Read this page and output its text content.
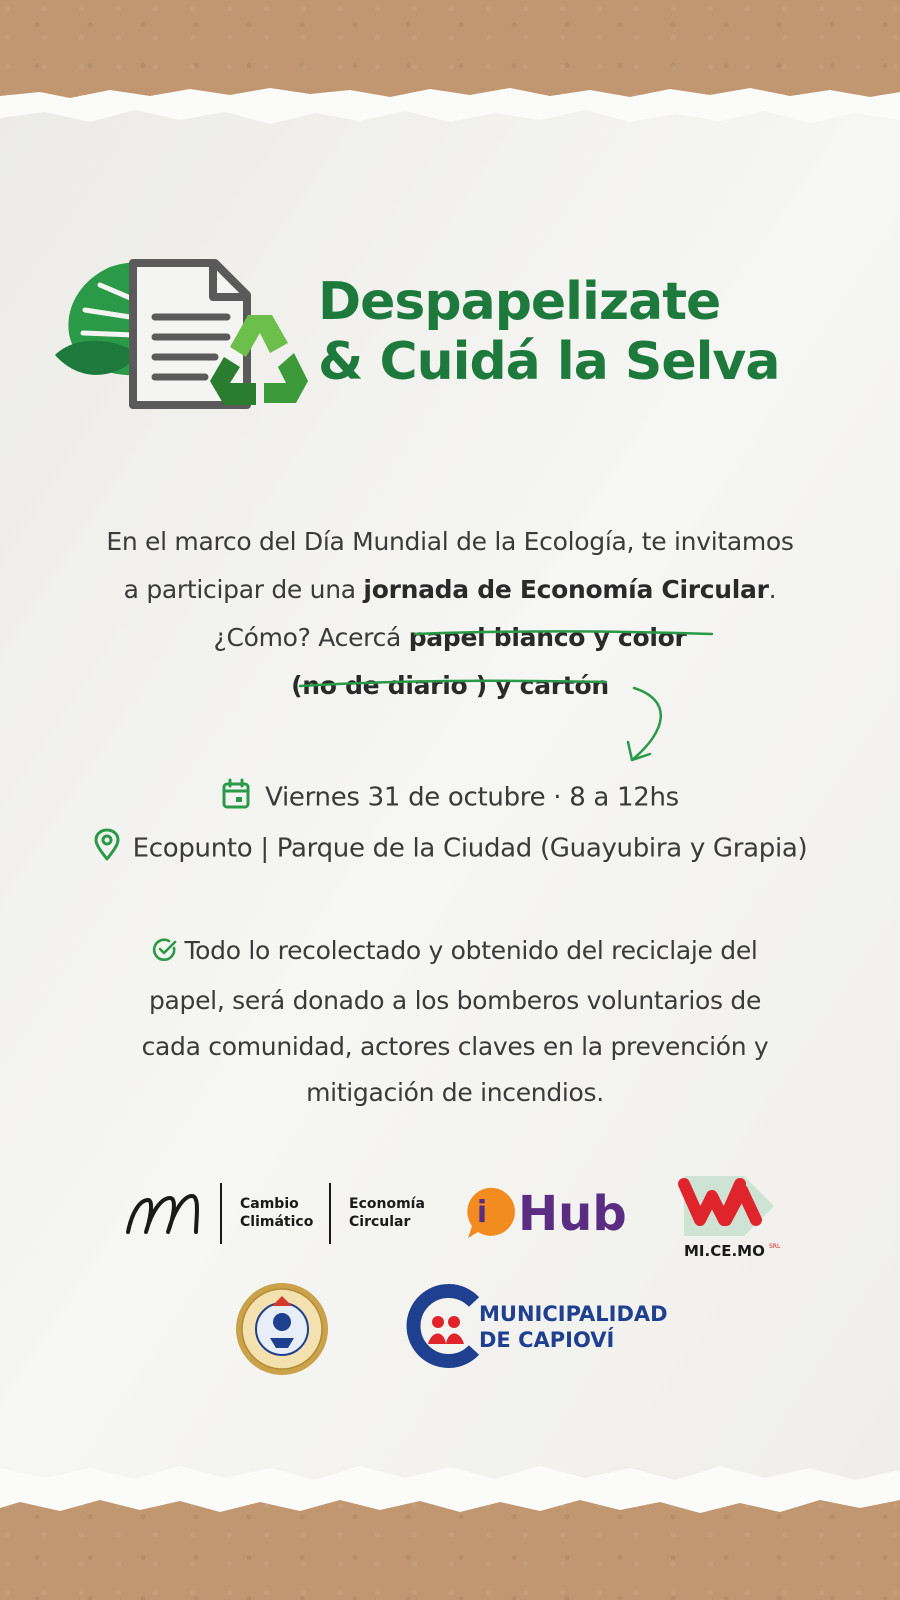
Despapelizate
& Cuidá la Selva
En el marco del Día Mundial de la Ecología, te invitamos
a participar de una jornada de Economía Circular.
¿Cómo? Acercá papel blanco y color
(no de diario ) y cartón
Viernes 31 de octubre · 8 a 12hs
Ecopunto | Parque de la Ciudad (Guayubira y Grapia)
Todo lo recolectado y obtenido del reciclaje del
papel, será donado a los bomberos voluntarios de
cada comunidad, actores claves en la prevención y
mitigación de incendios.
Cambio
Climático
Economía
Circular i Hub
MI.CE.MO SRL
MUNICIPALIDAD
DE CAPIOVÍ
